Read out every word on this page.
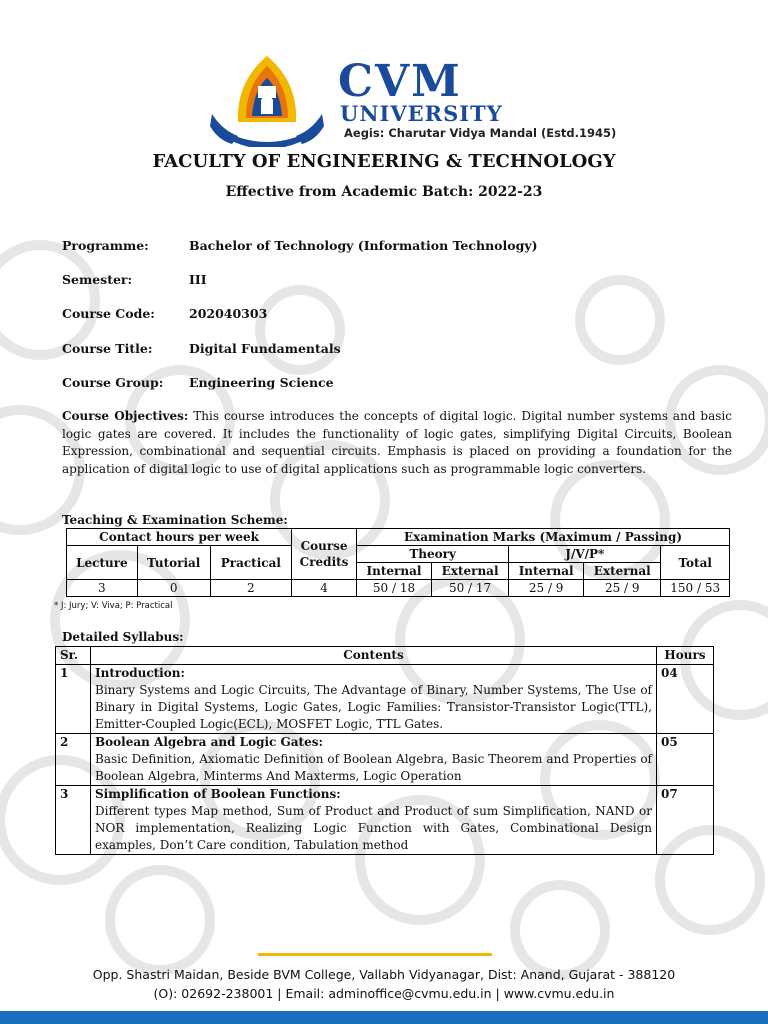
CVM
UNIVERSITY
Aegis: Charutar Vidya Mandal (Estd.1945)
FACULTY OF ENGINEERING & TECHNOLOGY
Effective from Academic Batch: 2022-23
Programme:	Bachelor of Technology (Information Technology)
Semester:	III
Course Code:	202040303
Course Title:	Digital Fundamentals
Course Group:	Engineering Science

Course Objectives: This course introduces the concepts of digital logic. Digital number systems and basic logic gates are covered. It includes the functionality of logic gates, simplifying Digital Circuits, Boolean Expression, combinational and sequential circuits. Emphasis is placed on providing a foundation for the application of digital logic to use of digital applications such as programmable logic converters.

Teaching & Examination Scheme:
Contact hours per week			Course Credits	Examination Marks (Maximum / Passing)				
Lecture	Tutorial	Practical		Theory		J/V/P*		Total
				Internal	External	Internal	External	
3	0	2	4	50 / 18	50 / 17	25 / 9	25 / 9	150 / 53
* J: Jury; V: Viva; P: Practical
Detailed Syllabus:
Sr.	Contents	Hours
1	Introduction:
Binary Systems and Logic Circuits, The Advantage of Binary, Number Systems, The Use of Binary in Digital Systems, Logic Gates, Logic Families: Transistor-Transistor Logic(TTL), Emitter-Coupled Logic(ECL), MOSFET Logic, TTL Gates.	04
2	Boolean Algebra and Logic Gates:
Basic Definition, Axiomatic Definition of Boolean Algebra, Basic Theorem and Properties of Boolean Algebra, Minterms And Maxterms, Logic Operation	05
3	Simplification of Boolean Functions:
Different types Map method, Sum of Product and Product of sum Simplification, NAND or NOR implementation, Realizing Logic Function with Gates, Combinational Design examples, Don’t Care condition, Tabulation method	07
Opp. Shastri Maidan, Beside BVM College, Vallabh Vidyanagar, Dist: Anand, Gujarat - 388120
(O): 02692-238001 | Email: adminoffice@cvmu.edu.in | www.cvmu.edu.in
